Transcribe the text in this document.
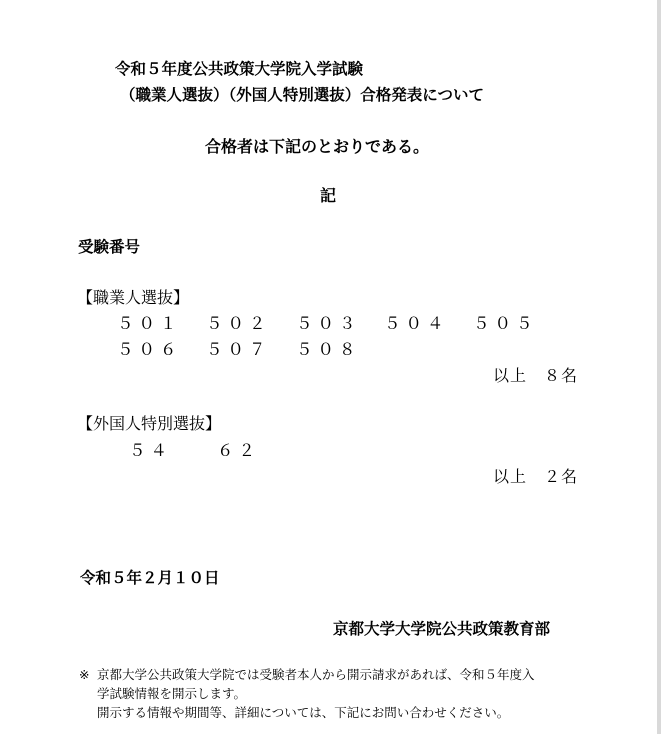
令和５年度公共政策大学院入学試験
（職業人選抜）（外国人特別選抜）合格発表について
合格者は下記のとおりである。
記
受験番号
【職業人選抜】
５０１ ５０２ ５０３ ５０４ ５０５
５０６ ５０７ ５０８
以上　８名
【外国人特別選抜】
５４	６２
以上　２名
令和５年２月１０日
京都大学大学院公共政策教育部
※ 京都大学公共政策大学院では受験者本人から開示請求があれば、令和５年度入
学試験情報を開示します。
開示する情報や期間等、詳細については、下記にお問い合わせください。
